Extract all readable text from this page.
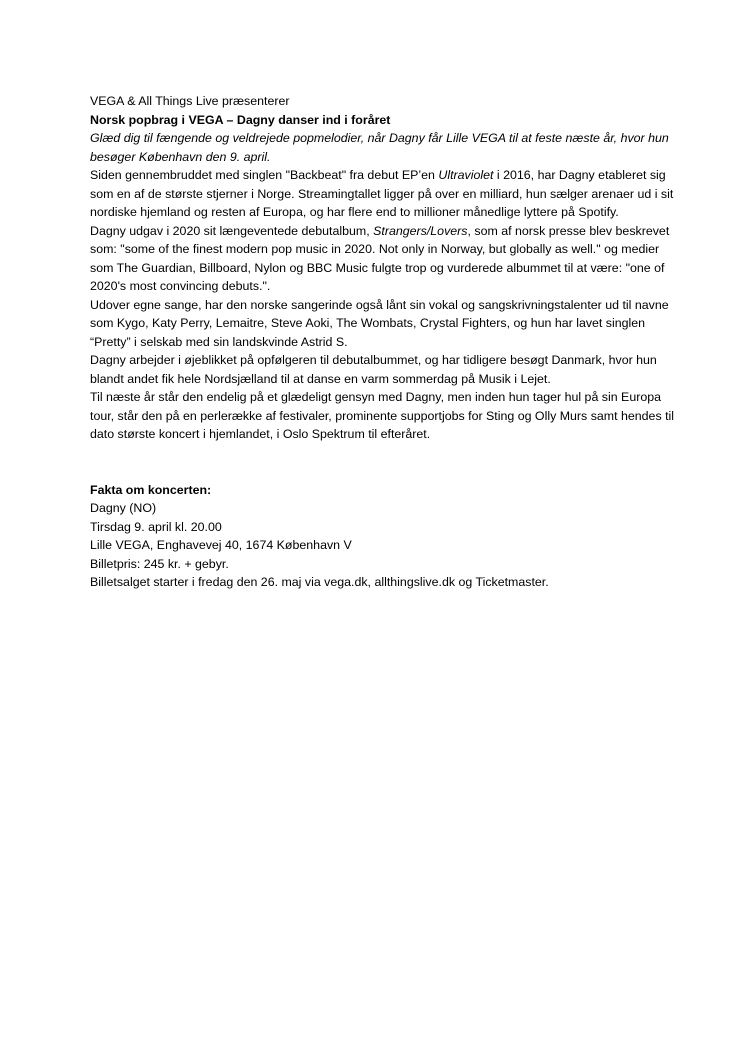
VEGA & All Things Live præsenterer

Norsk popbrag i VEGA – Dagny danser ind i foråret

Glæd dig til fængende og veldrejede popmelodier, når Dagny får Lille VEGA til at feste næste år, hvor hun besøger København den 9. april.

Siden gennembruddet med singlen "Backbeat" fra debut EP’en Ultraviolet i 2016, har Dagny etableret sig som en af de største stjerner i Norge. Streamingtallet ligger på over en milliard, hun sælger arenaer ud i sit nordiske hjemland og resten af Europa, og har flere end to millioner månedlige lyttere på Spotify.

Dagny udgav i 2020 sit længeventede debutalbum, Strangers/Lovers, som af norsk presse blev beskrevet som: "some of the finest modern pop music in 2020. Not only in Norway, but globally as well." og medier som The Guardian, Billboard, Nylon og BBC Music fulgte trop og vurderede albummet til at være: "one of 2020's most convincing debuts.".

Udover egne sange, har den norske sangerinde også lånt sin vokal og sangskrivningstalenter ud til navne som Kygo, Katy Perry, Lemaitre, Steve Aoki, The Wombats, Crystal Fighters, og hun har lavet singlen “Pretty” i selskab med sin landskvinde Astrid S.

Dagny arbejder i øjeblikket på opfølgeren til debutalbummet, og har tidligere besøgt Danmark, hvor hun blandt andet fik hele Nordsjælland til at danse en varm sommerdag på Musik i Lejet.

Til næste år står den endelig på et glædeligt gensyn med Dagny, men inden hun tager hul på sin Europa tour, står den på en perlerække af festivaler, prominente supportjobs for Sting og Olly Murs samt hendes til dato største koncert i hjemlandet, i Oslo Spektrum til efteråret.

Fakta om koncerten:

Dagny (NO)

Tirsdag 9. april kl. 20.00

Lille VEGA, Enghavevej 40, 1674 København V

Billetpris: 245 kr. + gebyr.

Billetsalget starter i fredag den 26. maj via vega.dk, allthingslive.dk og Ticketmaster.
